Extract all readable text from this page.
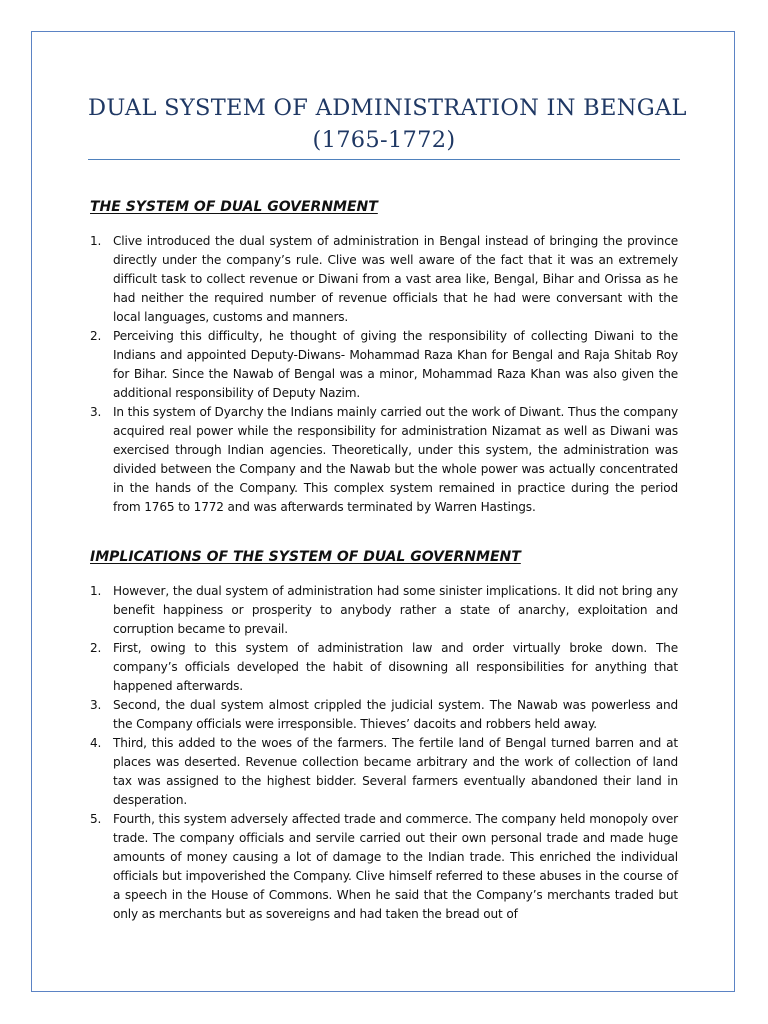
DUAL SYSTEM OF ADMINISTRATION IN BENGAL
(1765-1772)
THE SYSTEM OF DUAL GOVERNMENT
1. Clive introduced the dual system of administration in Bengal instead of bringing the province directly under the company’s rule. Clive was well aware of the fact that it was an extremely difficult task to collect revenue or Diwani from a vast area like, Bengal, Bihar and Orissa as he had neither the required number of revenue officials that he had were conversant with the local languages, customs and manners.
2. Perceiving this difficulty, he thought of giving the responsibility of collecting Diwani to the Indians and appointed Deputy-Diwans- Mohammad Raza Khan for Bengal and Raja Shitab Roy for Bihar. Since the Nawab of Bengal was a minor, Mohammad Raza Khan was also given the additional responsibility of Deputy Nazim.
3. In this system of Dyarchy the Indians mainly carried out the work of Diwant. Thus the company acquired real power while the responsibility for administration Nizamat as well as Diwani was exercised through Indian agencies. Theoretically, under this system, the administration was divided between the Company and the Nawab but the whole power was actually concentrated in the hands of the Company. This complex system remained in practice during the period from 1765 to 1772 and was afterwards terminated by Warren Hastings.
IMPLICATIONS OF THE SYSTEM OF DUAL GOVERNMENT
1. However, the dual system of administration had some sinister implications. It did not bring any benefit happiness or prosperity to anybody rather a state of anarchy, exploitation and corruption became to prevail.
2. First, owing to this system of administration law and order virtually broke down. The company’s officials developed the habit of disowning all responsibilities for anything that happened afterwards.
3. Second, the dual system almost crippled the judicial system. The Nawab was powerless and the Company officials were irresponsible. Thieves’ dacoits and robbers held away.
4. Third, this added to the woes of the farmers. The fertile land of Bengal turned barren and at places was deserted. Revenue collection became arbitrary and the work of collection of land tax was assigned to the highest bidder. Several farmers eventually abandoned their land in desperation.
5. Fourth, this system adversely affected trade and commerce. The company held monopoly over trade. The company officials and servile carried out their own personal trade and made huge amounts of money causing a lot of damage to the Indian trade. This enriched the individual officials but impoverished the Company. Clive himself referred to these abuses in the course of a speech in the House of Commons. When he said that the Company’s merchants traded but only as merchants but as sovereigns and had taken the bread out of
